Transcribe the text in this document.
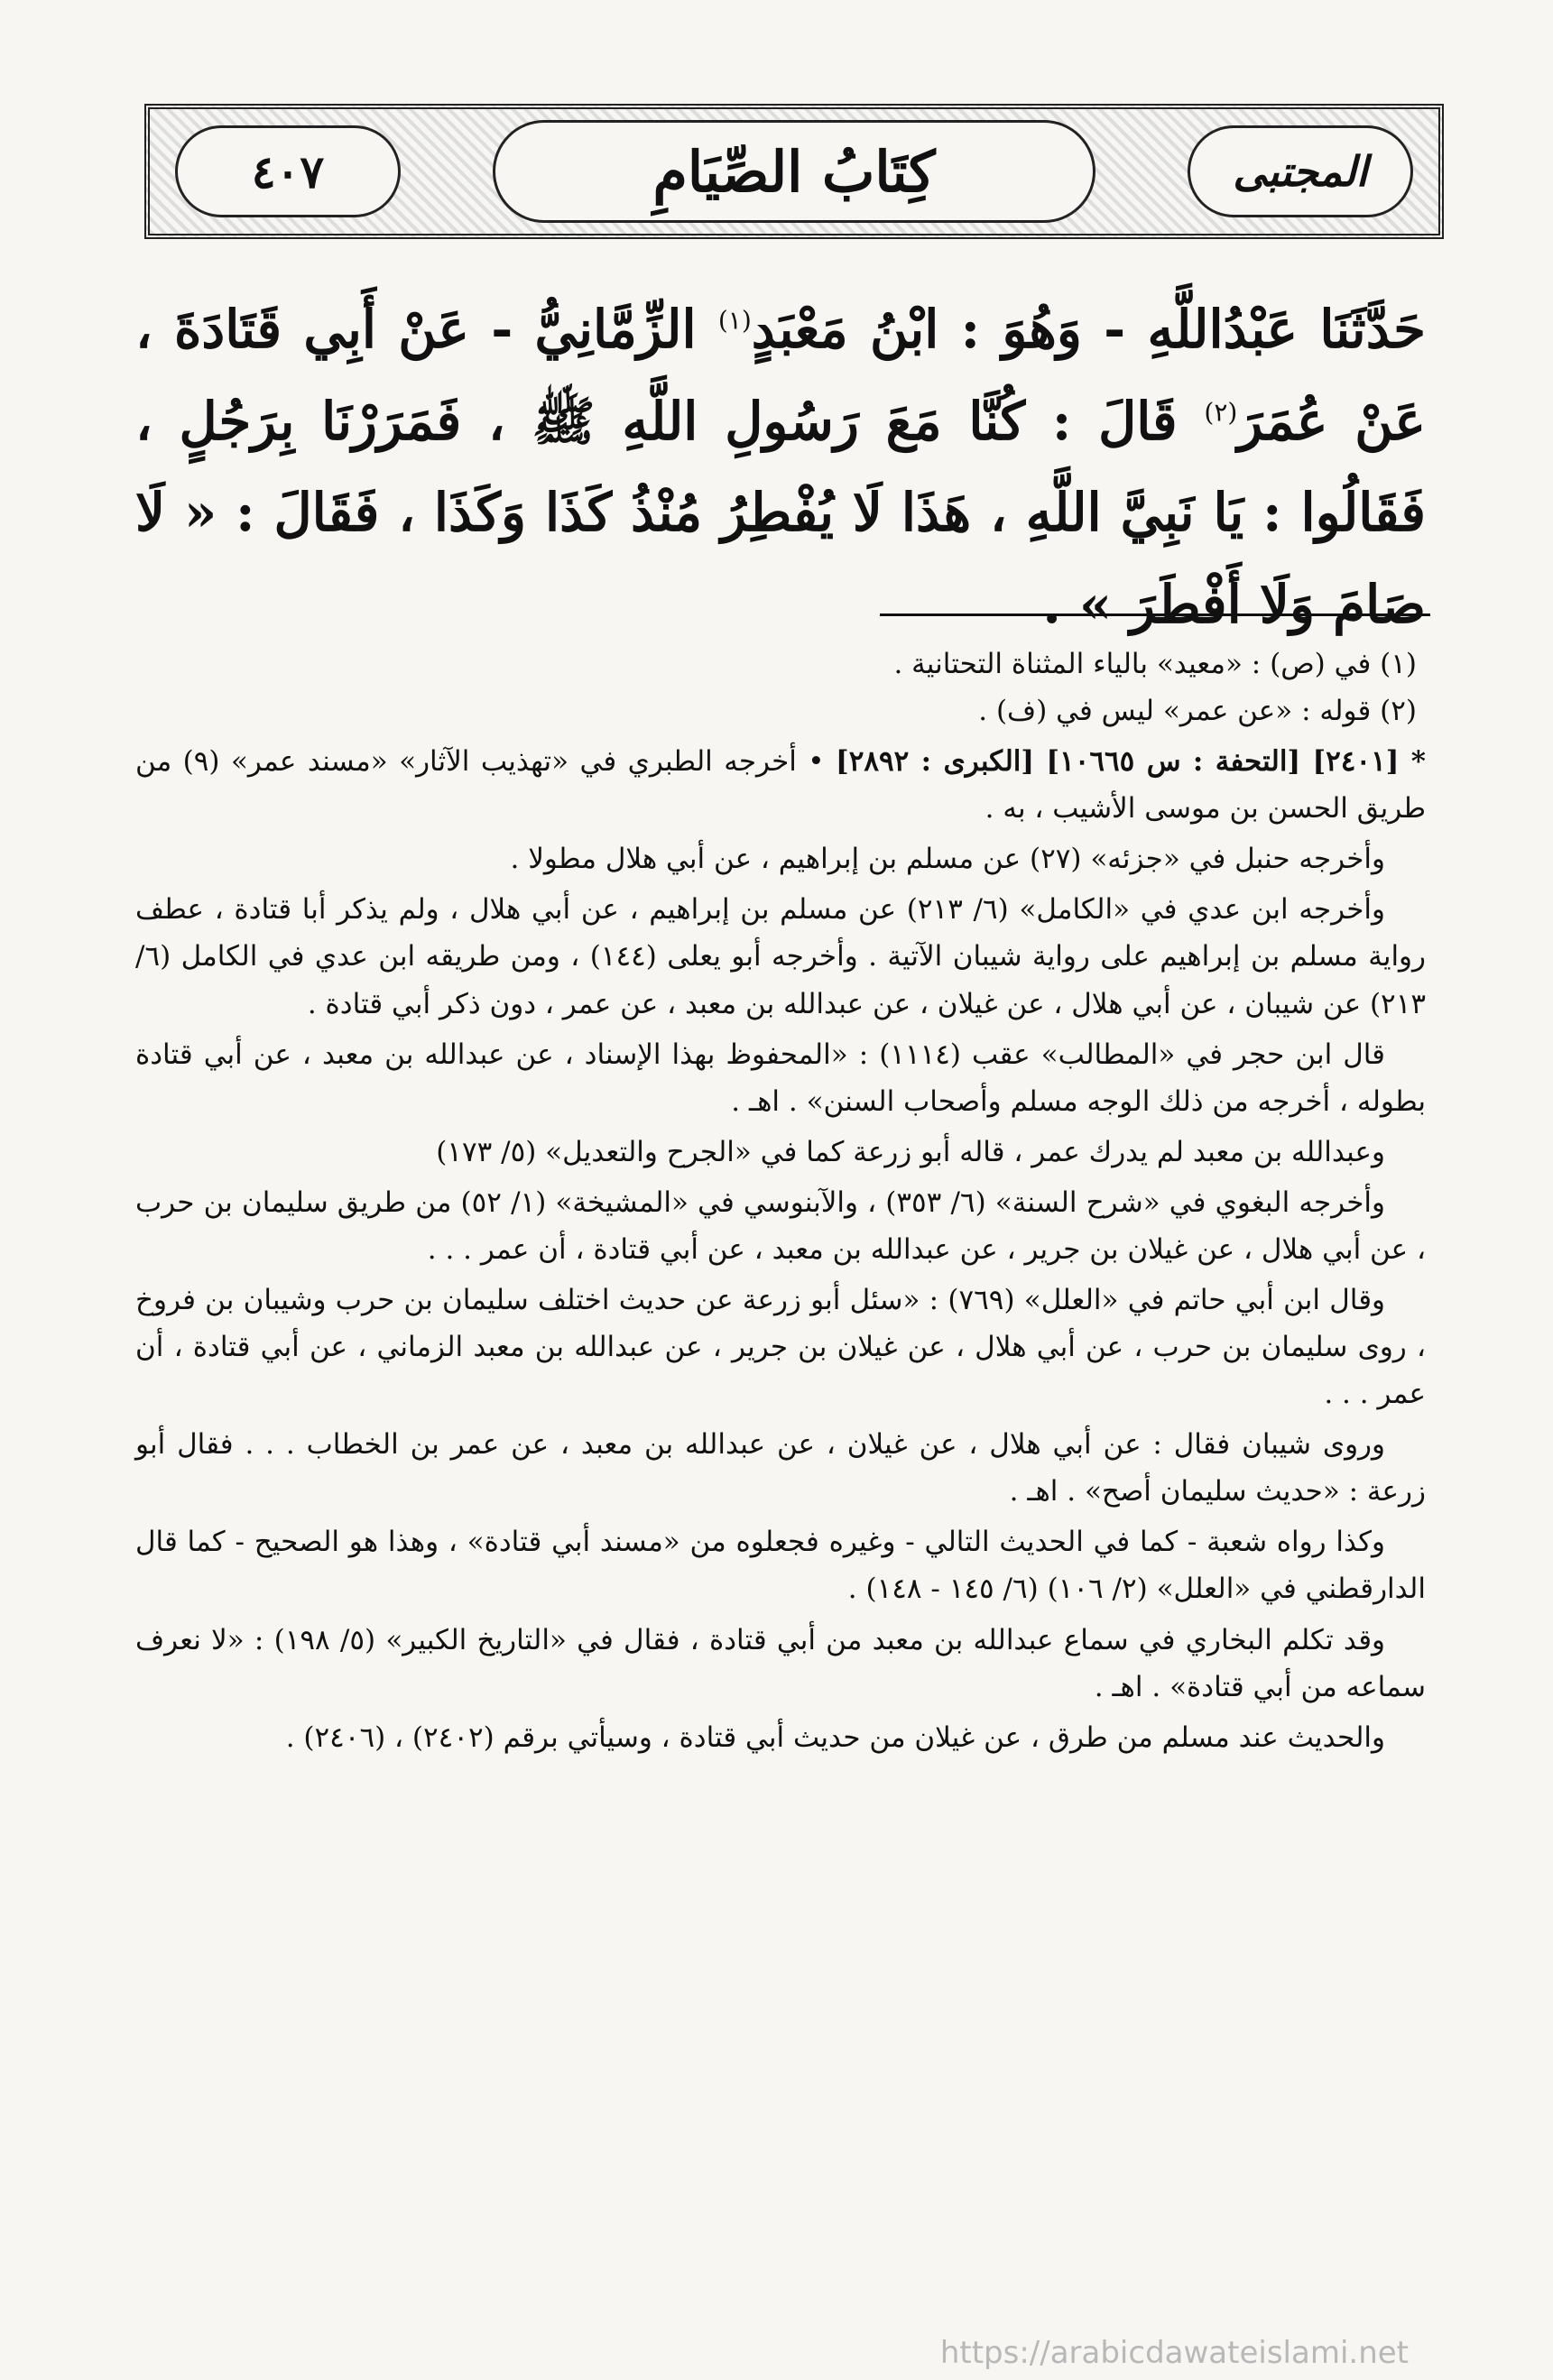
٤٠٧	كِتَابُ الصِّيَامِ	المجتبى
حَدَّثَنَا عَبْدُاللَّهِ - وَهُوَ : ابْنُ مَعْبَدٍ$^{(١)}$ الزِّمَّانِيُّ - عَنْ أَبِي قَتَادَةَ ، عَنْ عُمَرَ$^{(٢)}$ قَالَ : كُنَّا مَعَ رَسُولِ اللَّهِ ﷺ ، فَمَرَرْنَا بِرَجُلٍ ، فَقَالُوا : يَا نَبِيَّ اللَّهِ ، هَذَا لَا يُفْطِرُ مُنْذُ كَذَا وَكَذَا ، فَقَالَ : « لَا صَامَ وَلَا أَفْطَرَ » .

(١) في (ص) : «معيد» بالياء المثناة التحتانية .

(٢) قوله : «عن عمر» ليس في (ف) .

* [٢٤٠١] [التحفة : س ١٠٦٦٥] [الكبرى : ٢٨٩٢] • أخرجه الطبري في «تهذيب الآثار» «مسند عمر» (٩) من طريق الحسن بن موسى الأشيب ، به .

وأخرجه حنبل في «جزئه» (٢٧) عن مسلم بن إبراهيم ، عن أبي هلال مطولا .

وأخرجه ابن عدي في «الكامل» (٦/ ٢١٣) عن مسلم بن إبراهيم ، عن أبي هلال ، ولم يذكر أبا قتادة ، عطف رواية مسلم بن إبراهيم على رواية شيبان الآتية . وأخرجه أبو يعلى (١٤٤) ، ومن طريقه ابن عدي في الكامل (٦/ ٢١٣) عن شيبان ، عن أبي هلال ، عن غيلان ، عن عبدالله بن معبد ، عن عمر ، دون ذكر أبي قتادة .

قال ابن حجر في «المطالب» عقب (١١١٤) : «المحفوظ بهذا الإسناد ، عن عبدالله بن معبد ، عن أبي قتادة بطوله ، أخرجه من ذلك الوجه مسلم وأصحاب السنن» . اهـ .

وعبدالله بن معبد لم يدرك عمر ، قاله أبو زرعة كما في «الجرح والتعديل» (٥/ ١٧٣)

وأخرجه البغوي في «شرح السنة» (٦/ ٣٥٣) ، والآبنوسي في «المشيخة» (١/ ٥٢) من طريق سليمان بن حرب ، عن أبي هلال ، عن غيلان بن جرير ، عن عبدالله بن معبد ، عن أبي قتادة ، أن عمر . . .

وقال ابن أبي حاتم في «العلل» (٧٦٩) : «سئل أبو زرعة عن حديث اختلف سليمان بن حرب وشيبان بن فروخ ، روى سليمان بن حرب ، عن أبي هلال ، عن غيلان بن جرير ، عن عبدالله بن معبد الزماني ، عن أبي قتادة ، أن عمر . . .

وروى شيبان فقال : عن أبي هلال ، عن غيلان ، عن عبدالله بن معبد ، عن عمر بن الخطاب . . . فقال أبو زرعة : «حديث سليمان أصح» . اهـ .

وكذا رواه شعبة - كما في الحديث التالي - وغيره فجعلوه من «مسند أبي قتادة» ، وهذا هو الصحيح - كما قال الدارقطني في «العلل» (٢/ ١٠٦) (٦/ ١٤٥ - ١٤٨) .

وقد تكلم البخاري في سماع عبدالله بن معبد من أبي قتادة ، فقال في «التاريخ الكبير» (٥/ ١٩٨) : «لا نعرف سماعه من أبي قتادة» . اهـ .

والحديث عند مسلم من طرق ، عن غيلان من حديث أبي قتادة ، وسيأتي برقم (٢٤٠٢) ، (٢٤٠٦) .

https://arabicdawateislami.net
